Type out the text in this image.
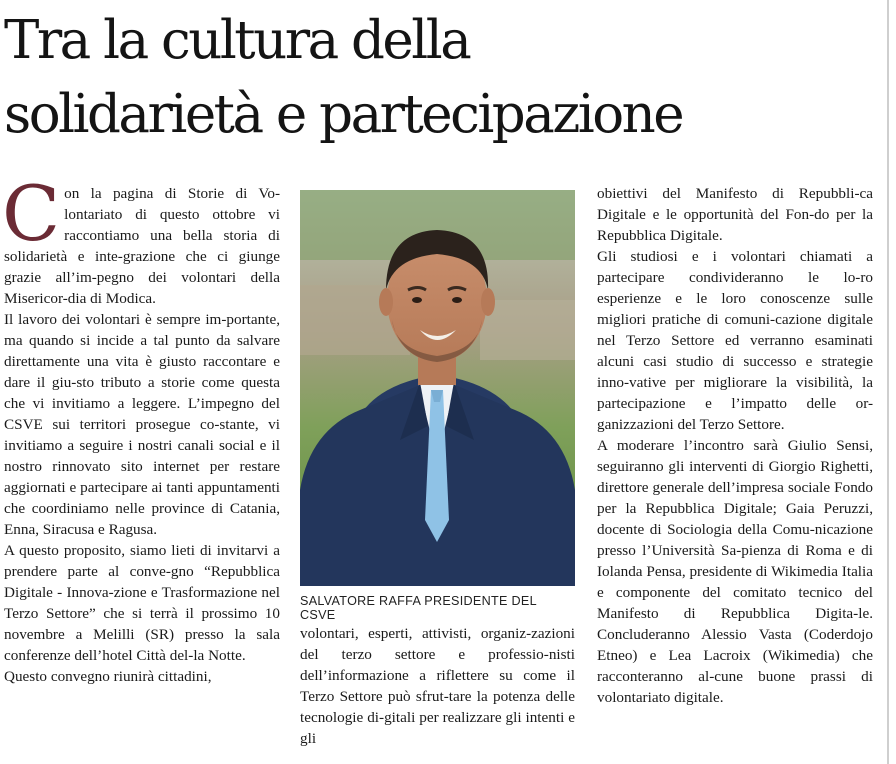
Tra la cultura della
solidarietà e partecipazione
C on la pagina di Storie di Vo-lontariato di questo ottobre vi raccontiamo una bella storia di solidarietà e inte-grazione che ci giunge grazie all’im-pegno dei volontari della Misericor-dia di Modica.

Il lavoro dei volontari è sempre im-portante, ma quando si incide a tal punto da salvare direttamente una vita è giusto raccontare e dare il giu-sto tributo a storie come questa che vi invitiamo a leggere. L’impegno del CSVE sui territori prosegue co-stante, vi invitiamo a seguire i nostri canali social e il nostro rinnovato sito internet per restare aggiornati e partecipare ai tanti appuntamenti che coordiniamo nelle province di Catania, Enna, Siracusa e Ragusa.

A questo proposito, siamo lieti di invitarvi a prendere parte al conve-gno “Repubblica Digitale - Innova-zione e Trasformazione nel Terzo Settore” che si terrà il prossimo 10 novembre a Melilli (SR) presso la sala conferenze dell’hotel Città del-la Notte.

Questo convegno riunirà cittadini,

SALVATORE RAFFA PRESIDENTE DEL CSVE

volontari, esperti, attivisti, organiz-zazioni del terzo settore e professio-nisti dell’informazione a riflettere su come il Terzo Settore può sfrut-tare la potenza delle tecnologie di-gitali per realizzare gli intenti e gli

obiettivi del Manifesto di Repubbli-ca Digitale e le opportunità del Fon-do per la Repubblica Digitale.

Gli studiosi e i volontari chiamati a partecipare condivideranno le lo-ro esperienze e le loro conoscenze sulle migliori pratiche di comuni-cazione digitale nel Terzo Settore ed verranno esaminati alcuni casi studio di successo e strategie inno-vative per migliorare la visibilità, la partecipazione e l’impatto delle or-ganizzazioni del Terzo Settore.

A moderare l’incontro sarà Giulio Sensi, seguiranno gli interventi di Giorgio Righetti, direttore generale dell’impresa sociale Fondo per la Repubblica Digitale; Gaia Peruzzi, docente di Sociologia della Comu-nicazione presso l’Università Sa-pienza di Roma e di Iolanda Pensa, presidente di Wikimedia Italia e componente del comitato tecnico del Manifesto di Repubblica Digita-le. Concluderanno Alessio Vasta (Coderdojo Etneo) e Lea Lacroix (Wikimedia) che racconteranno al-cune buone prassi di volontariato digitale.
